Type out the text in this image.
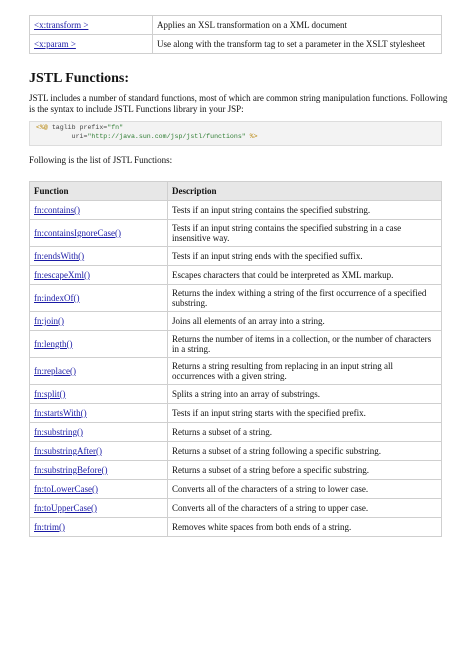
<x:transform >	Applies an XSL transformation on a XML document
<x:param >	Use along with the transform tag to set a parameter in the XSLT stylesheet
JSTL Functions:

JSTL includes a number of standard functions, most of which are common string manipulation functions. Following is the syntax to include JSTL Functions library in your JSP:

<%@ taglib prefix="fn"
uri="http://java.sun.com/jsp/jstl/functions" %>

Following is the list of JSTL Functions:

Function	Description
fn:contains()	Tests if an input string contains the specified substring.
fn:containsIgnoreCase()	Tests if an input string contains the specified substring in a case insensitive way.
fn:endsWith()	Tests if an input string ends with the specified suffix.
fn:escapeXml()	Escapes characters that could be interpreted as XML markup.
fn:indexOf()	Returns the index withing a string of the first occurrence of a specified substring.
fn:join()	Joins all elements of an array into a string.
fn:length()	Returns the number of items in a collection, or the number of characters in a string.
fn:replace()	Returns a string resulting from replacing in an input string all occurrences with a given string.
fn:split()	Splits a string into an array of substrings.
fn:startsWith()	Tests if an input string starts with the specified prefix.
fn:substring()	Returns a subset of a string.
fn:substringAfter()	Returns a subset of a string following a specific substring.
fn:substringBefore()	Returns a subset of a string before a specific substring.
fn:toLowerCase()	Converts all of the characters of a string to lower case.
fn:toUpperCase()	Converts all of the characters of a string to upper case.
fn:trim()	Removes white spaces from both ends of a string.
